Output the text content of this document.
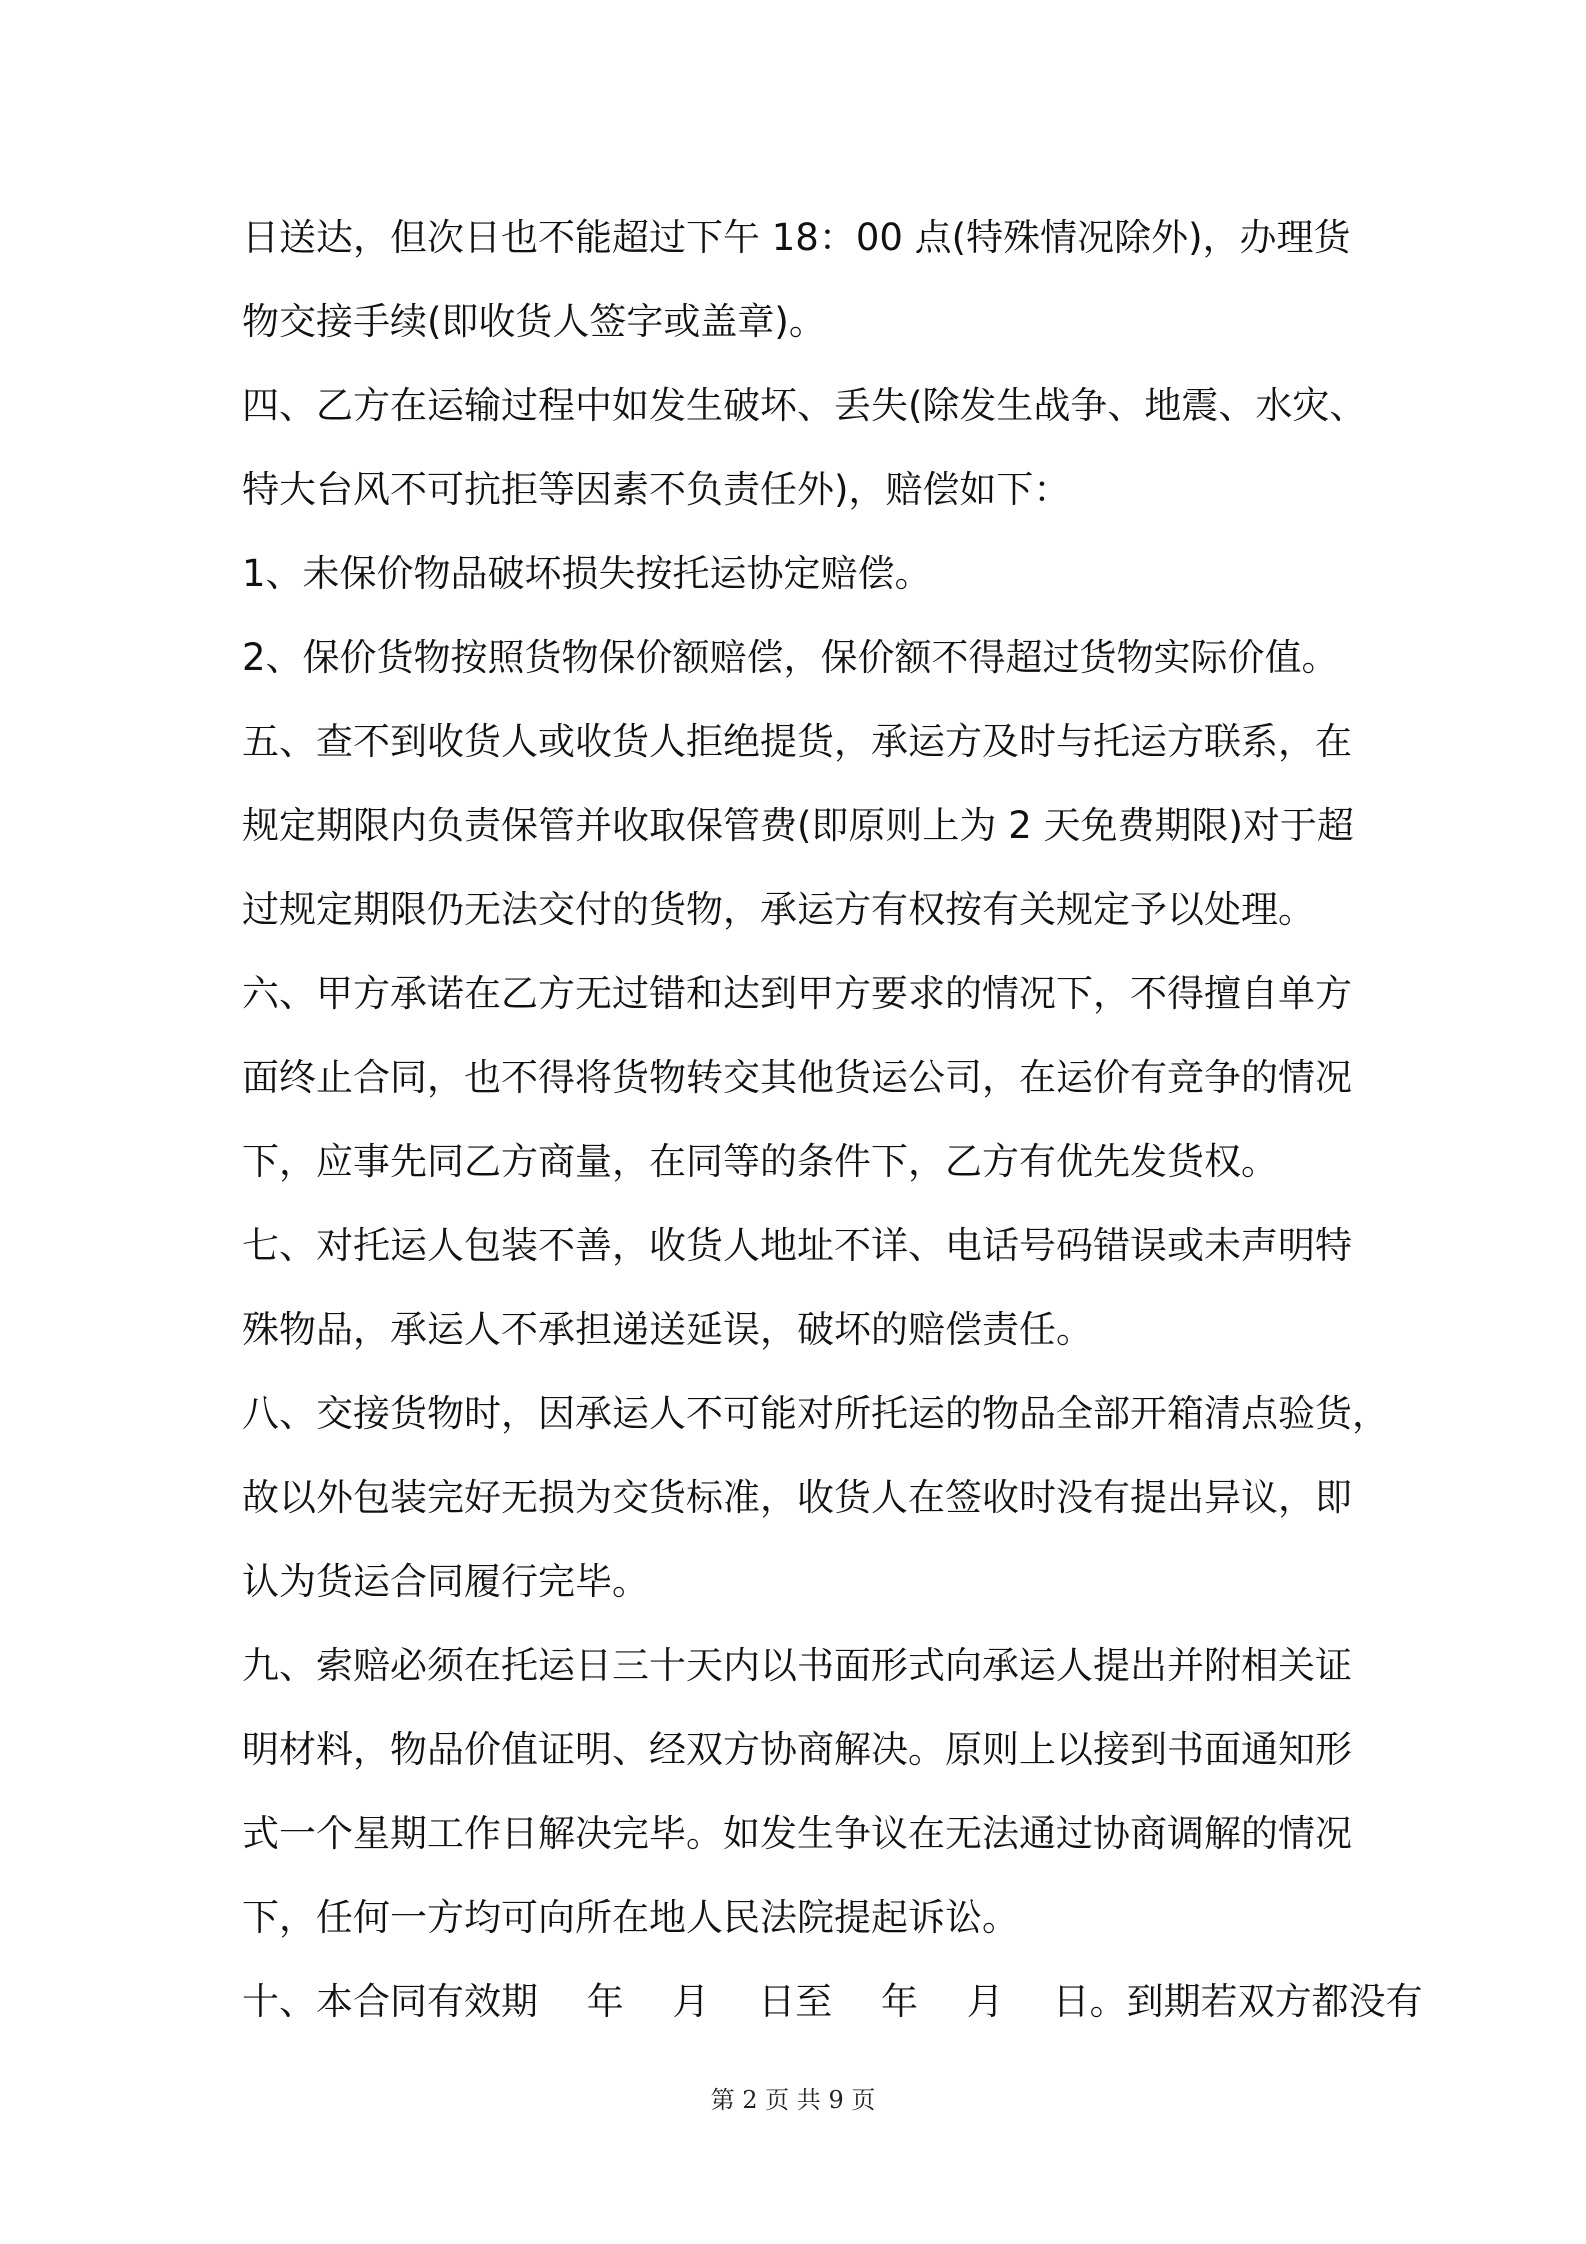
日送达，但次日也不能超过下午 18：00 点(特殊情况除外)，办理货
物交接手续(即收货人签字或盖章)。
四、乙方在运输过程中如发生破坏、丢失(除发生战争、地震、水灾、
特大台风不可抗拒等因素不负责任外)，赔偿如下：
1、未保价物品破坏损失按托运协定赔偿。
2、保价货物按照货物保价额赔偿，保价额不得超过货物实际价值。
五、查不到收货人或收货人拒绝提货，承运方及时与托运方联系，在
规定期限内负责保管并收取保管费(即原则上为 2 天免费期限)对于超
过规定期限仍无法交付的货物，承运方有权按有关规定予以处理。
六、甲方承诺在乙方无过错和达到甲方要求的情况下，不得擅自单方
面终止合同，也不得将货物转交其他货运公司，在运价有竞争的情况
下，应事先同乙方商量，在同等的条件下，乙方有优先发货权。
七、对托运人包装不善，收货人地址不详、电话号码错误或未声明特
殊物品，承运人不承担递送延误，破坏的赔偿责任。
八、交接货物时，因承运人不可能对所托运的物品全部开箱清点验货，
故以外包装完好无损为交货标准，收货人在签收时没有提出异议，即
认为货运合同履行完毕。
九、索赔必须在托运日三十天内以书面形式向承运人提出并附相关证
明材料，物品价值证明、经双方协商解决。原则上以接到书面通知形
式一个星期工作日解决完毕。如发生争议在无法通过协商调解的情况
下，任何一方均可向所在地人民法院提起诉讼。
十、本合同有效期　 年　 月　 日至　 年　 月　 日。到期若双方都没有
第 2 页 共 9 页
